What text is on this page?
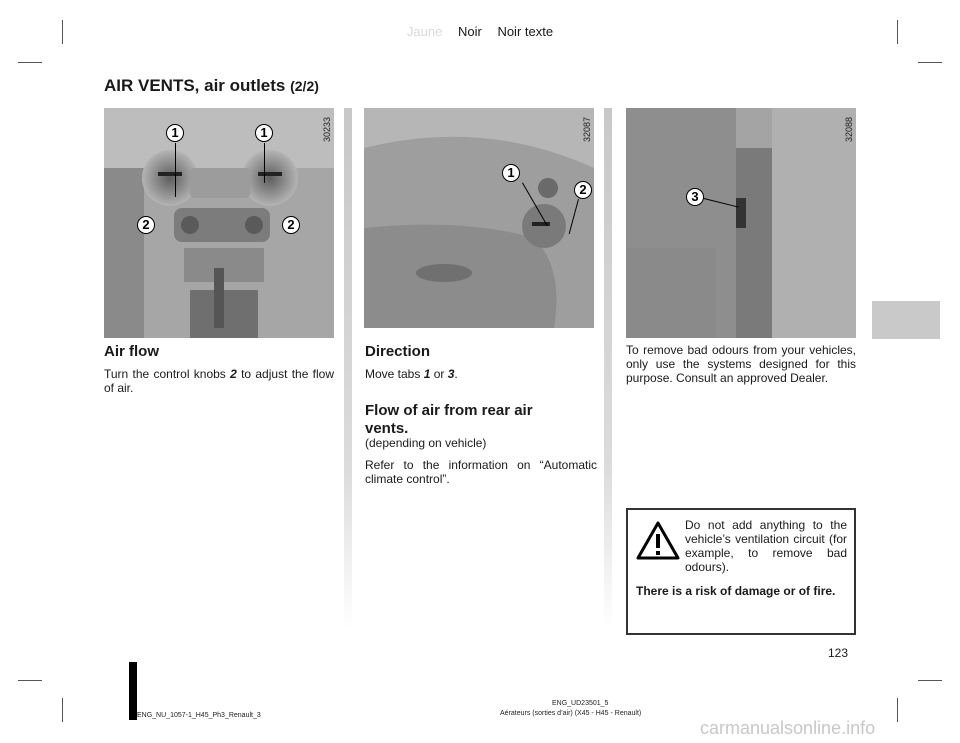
Jaune Noir Noir texte
AIR VENTS, air outlets (2/2)
30233
1	1
2	2
32087
1
2
32088
3
Air flow

Turn the control knobs 2 to adjust the flow of air.

Direction

Move tabs 1 or 3.

Flow of air from rear air vents.

(depending on vehicle)

Refer to the information on “Automatic climate control”.

To remove bad odours from your vehicles, only use the systems designed for this purpose. Consult an approved Dealer.

Do not add anything to the vehicle’s ventilation circuit (for example, to remove bad odours).

There is a risk of damage or of fire.

123
ENG_NU_1057-1_H45_Ph3_Renault_3
ENG_UD23501_5
Aérateurs (sorties d’air) (X45 - H45 - Renault)
carmanualsonline.info
